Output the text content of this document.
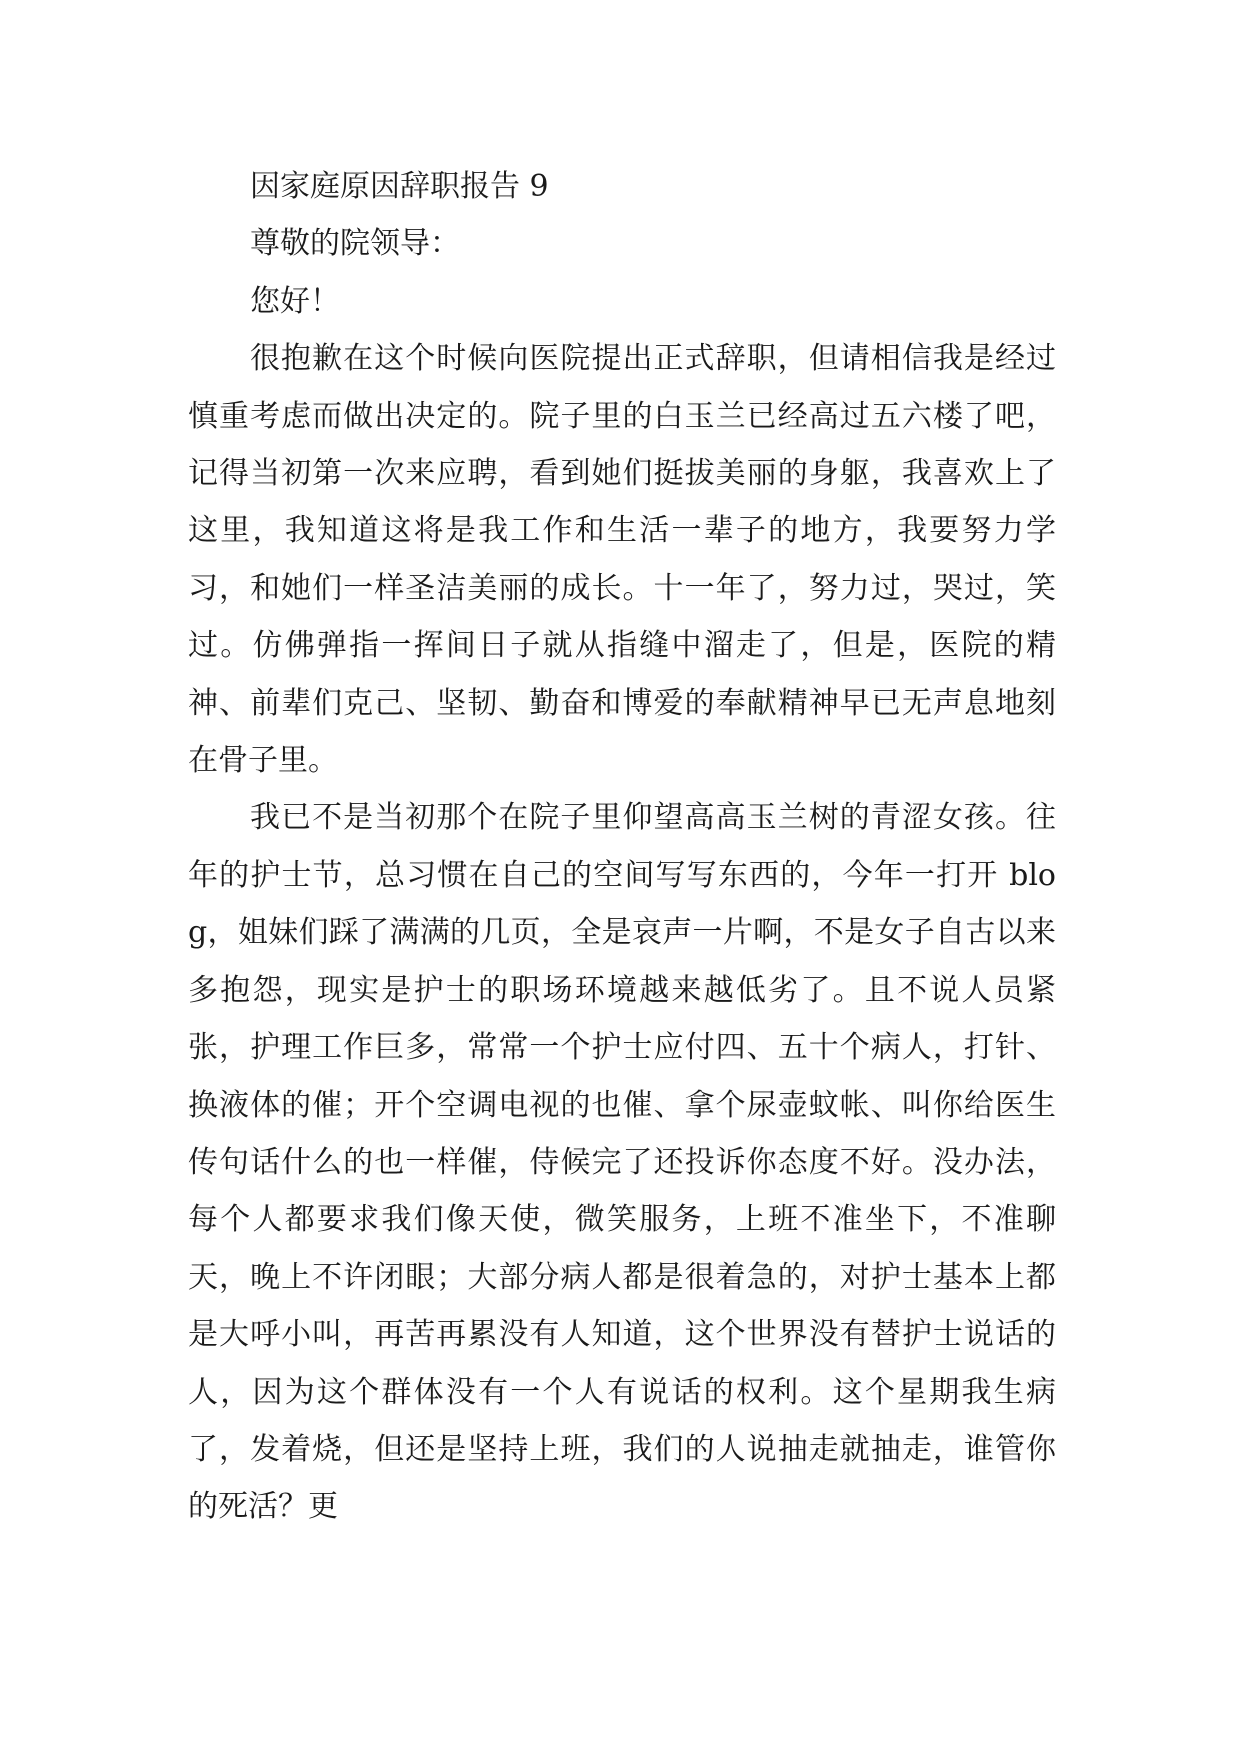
因家庭原因辞职报告 9

尊敬的院领导：

您好！

很抱歉在这个时候向医院提出正式辞职，但请相信我是经过慎重考虑而做出决定的。院子里的白玉兰已经高过五六楼了吧，记得当初第一次来应聘，看到她们挺拔美丽的身躯，我喜欢上了这里，我知道这将是我工作和生活一辈子的地方，我要努力学习，和她们一样圣洁美丽的成长。十一年了，努力过，哭过，笑过。仿佛弹指一挥间日子就从指缝中溜走了，但是，医院的精神、前辈们克己、坚韧、勤奋和博爱的奉献精神早已无声息地刻在骨子里。

我已不是当初那个在院子里仰望高高玉兰树的青涩女孩。往年的护士节，总习惯在自己的空间写写东西的，今年一打开 blog，姐妹们踩了满满的几页，全是哀声一片啊，不是女子自古以来多抱怨，现实是护士的职场环境越来越低劣了。且不说人员紧张，护理工作巨多，常常一个护士应付四、五十个病人，打针、换液体的催；开个空调电视的也催、拿个尿壶蚊帐、叫你给医生传句话什么的也一样催，侍候完了还投诉你态度不好。没办法，每个人都要求我们像天使，微笑服务，上班不准坐下，不准聊天，晚上不许闭眼；大部分病人都是很着急的，对护士基本上都是大呼小叫，再苦再累没有人知道，这个世界没有替护士说话的人，因为这个群体没有一个人有说话的权利。这个星期我生病了，发着烧，但还是坚持上班，我们的人说抽走就抽走，谁管你的死活？更
